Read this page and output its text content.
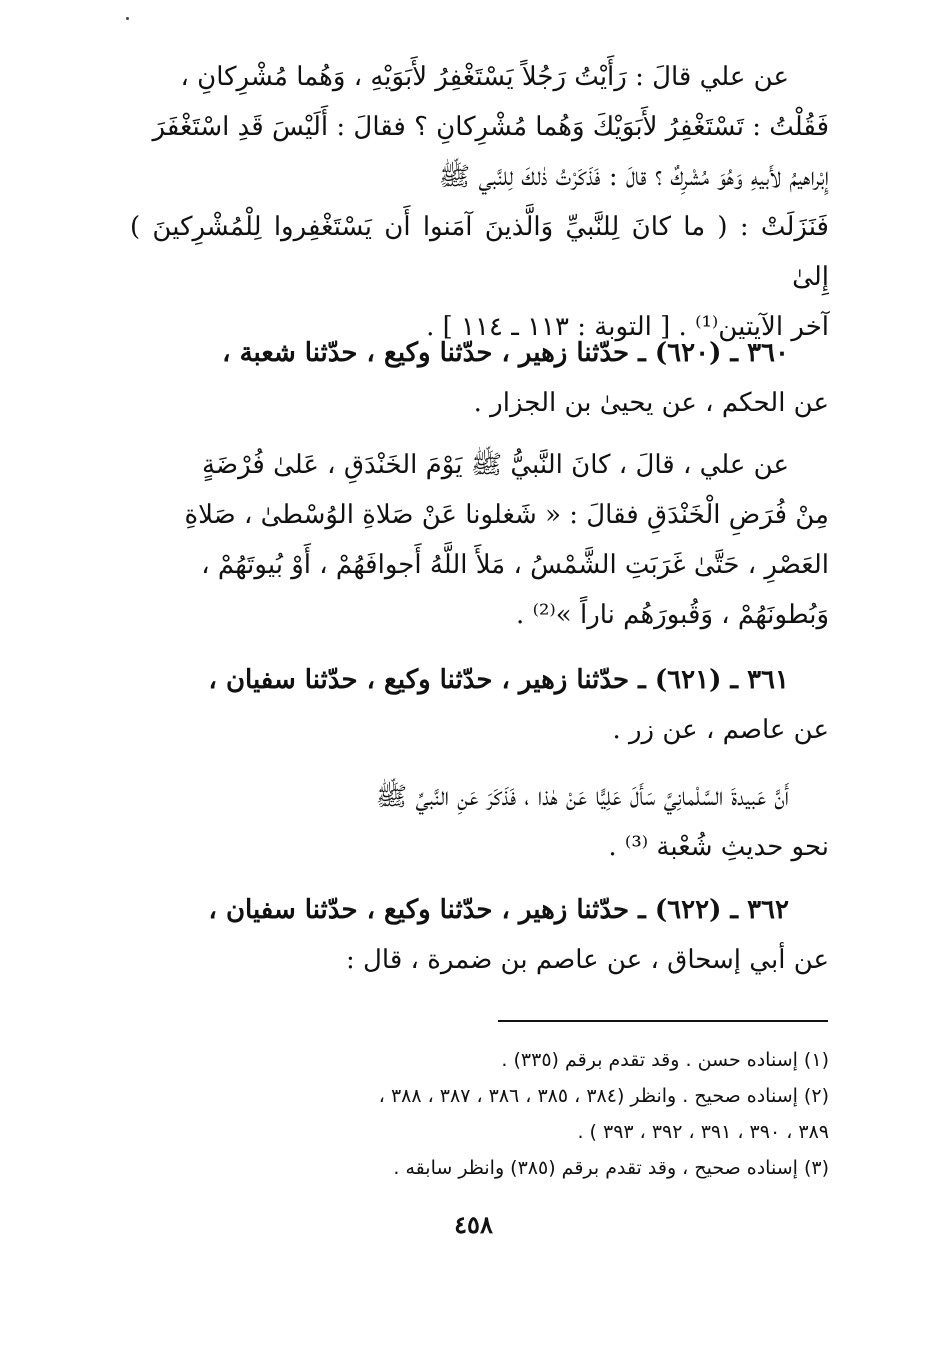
عن علي قالَ : رَأَيْتُ رَجُلاً يَسْتَغْفِرُ لأَبَوَيْهِ ، وَهُما مُشْرِكانِ ،
فَقُلْتُ : تَسْتَغْفِرُ لأَبَوَيْكَ وَهُما مُشْرِكانِ ؟ فقالَ : أَلَيْسَ قَدِ اسْتَغْفَرَ
إِبْراهيمُ لأَبيهِ وَهُوَ مُشْرِكٌ ؟ قالَ : فَذَكَرْتُ ذٰلكَ لِلنَّبي ﷺ
فَنَزَلَتْ : ( ما كانَ لِلنَّبيِّ وَالَّذينَ آمَنوا أَن يَسْتَغْفِروا لِلْمُشْرِكينَ ) إِلىٰ
آخر الآيتين⁽¹⁾ . [ التوبة : ١١٣ ـ ١١٤ ] .

٣٦٠ ـ (٦٢٠) ـ حدّثنا زهير ، حدّثنا وكيع ، حدّثنا شعبة ،
عن الحكم ، عن يحيىٰ بن الجزار .

عن علي ، قالَ ، كانَ النَّبيُّ ﷺ يَوْمَ الخَنْدَقِ ، عَلىٰ فُرْضَةٍ
مِنْ فُرَضِ الْخَنْدَقِ فقالَ : « شَغلونا عَنْ صَلاةِ الوُسْطىٰ ، صَلاةِ
العَصْرِ ، حَتَّىٰ غَرَبَتِ الشَّمْسُ ، مَلأَ اللَّهُ أَجوافَهُمْ ، أَوْ بُيوتَهُمْ ،
وَبُطونَهُمْ ، وَقُبورَهُم ناراً »⁽²⁾ .

٣٦١ ـ (٦٢١) ـ حدّثنا زهير ، حدّثنا وكيع ، حدّثنا سفيان ،
عن عاصم ، عن زر .

أَنَّ عَبيدةَ السَّلْمانِيَّ سَأَلَ عَلِيًّا عَنْ هٰذا ، فَذَكَرَ عَنِ النَّبيِّ ﷺ
نحو حديثِ شُعْبة ⁽³⁾ .

٣٦٢ ـ (٦٢٢) ـ حدّثنا زهير ، حدّثنا وكيع ، حدّثنا سفيان ،
عن أبي إسحاق ، عن عاصم بن ضمرة ، قال :

(١) إسناده حسن . وقد تقدم برقم (٣٣٥) .
(٢) إسناده صحيح . وانظر (٣٨٤ ، ٣٨٥ ، ٣٨٦ ، ٣٨٧ ، ٣٨٨ ،
٣٨٩ ، ٣٩٠ ، ٣٩١ ، ٣٩٢ ، ٣٩٣ ) .
(٣) إسناده صحيح ، وقد تقدم برقم (٣٨٥) وانظر سابقه .
٤٥٨
